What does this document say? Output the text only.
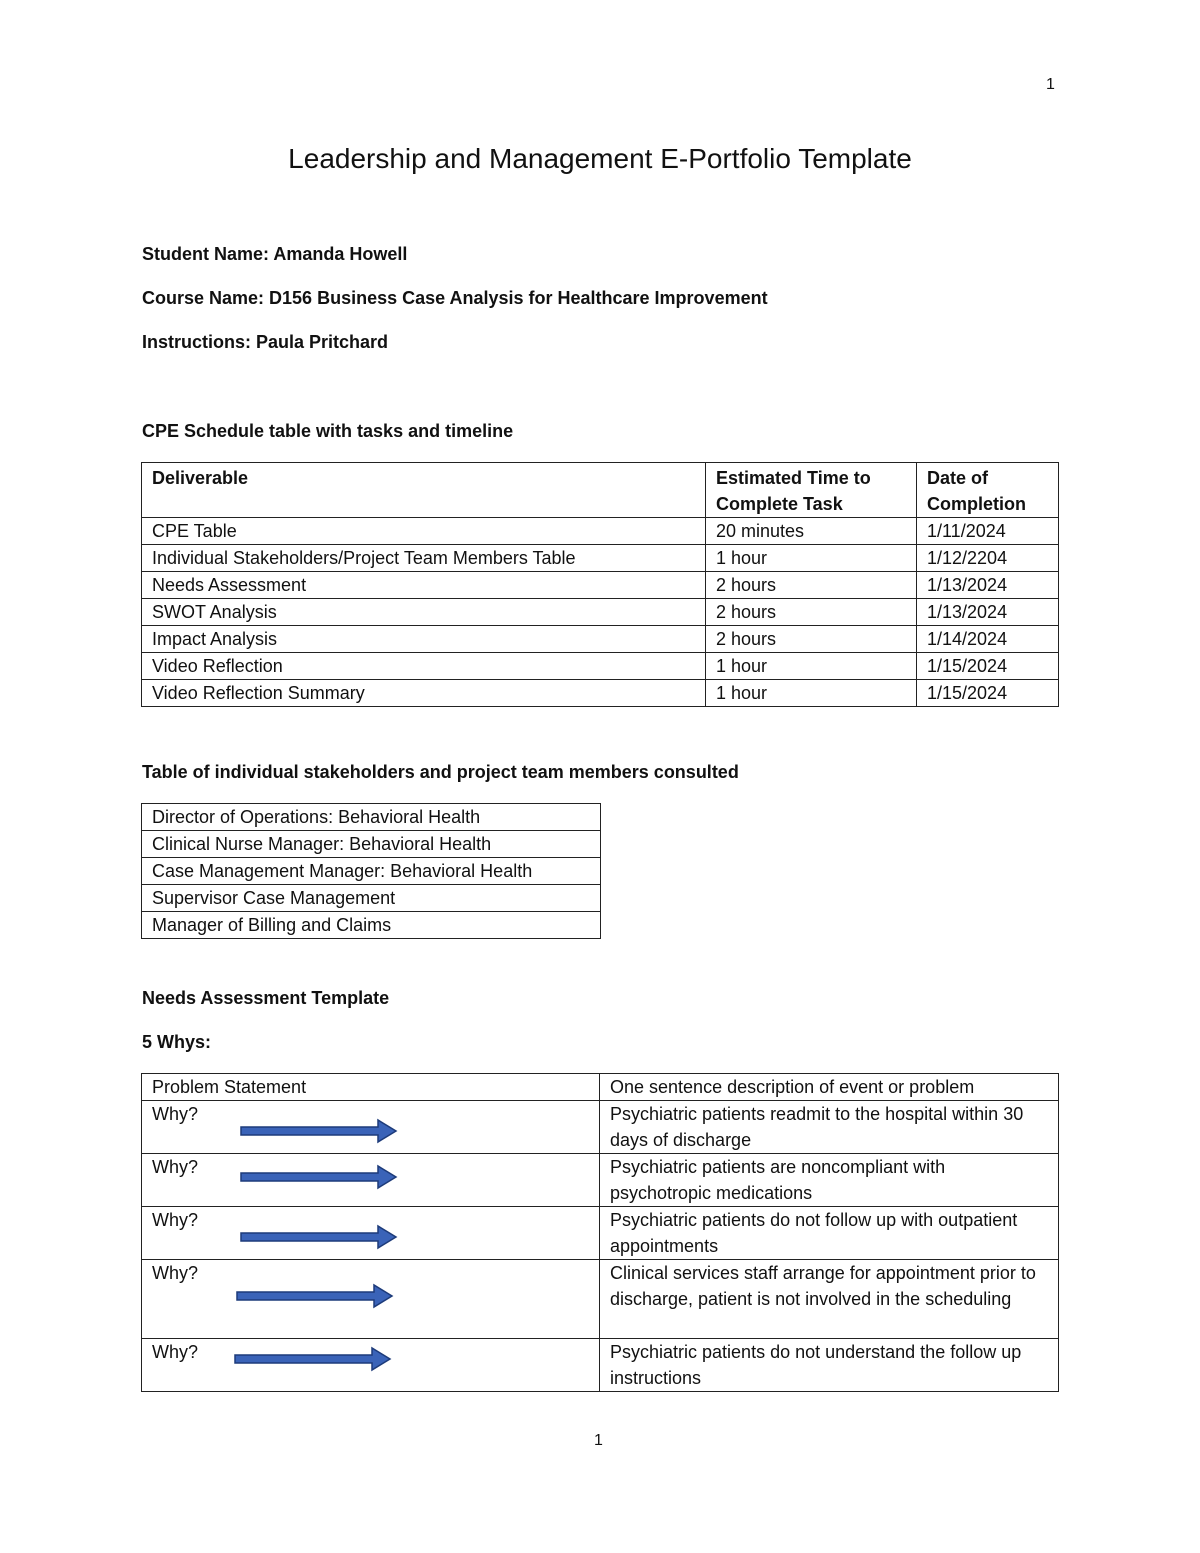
1
Leadership and Management E-Portfolio Template
Student Name: Amanda Howell
Course Name: D156 Business Case Analysis for Healthcare Improvement
Instructions: Paula Pritchard
CPE Schedule table with tasks and timeline
Deliverable	Estimated Time to Complete Task	Date of Completion
CPE Table	20 minutes	1/11/2024
Individual Stakeholders/Project Team Members Table	1 hour	1/12/2204
Needs Assessment	2 hours	1/13/2024
SWOT Analysis	2 hours	1/13/2024
Impact Analysis	2 hours	1/14/2024
Video Reflection	1 hour	1/15/2024
Video Reflection Summary	1 hour	1/15/2024
Table of individual stakeholders and project team members consulted
Director of Operations: Behavioral Health
Clinical Nurse Manager: Behavioral Health
Case Management Manager: Behavioral Health
Supervisor Case Management
Manager of Billing and Claims
Needs Assessment Template
5 Whys:
Problem Statement	One sentence description of event or problem
Why?	Psychiatric patients readmit to the hospital within 30 days of discharge
Why?	Psychiatric patients are noncompliant with psychotropic medications
Why?	Psychiatric patients do not follow up with outpatient appointments
Why?	Clinical services staff arrange for appointment prior to discharge, patient is not involved in the scheduling
Why?	Psychiatric patients do not understand the follow up instructions
1
